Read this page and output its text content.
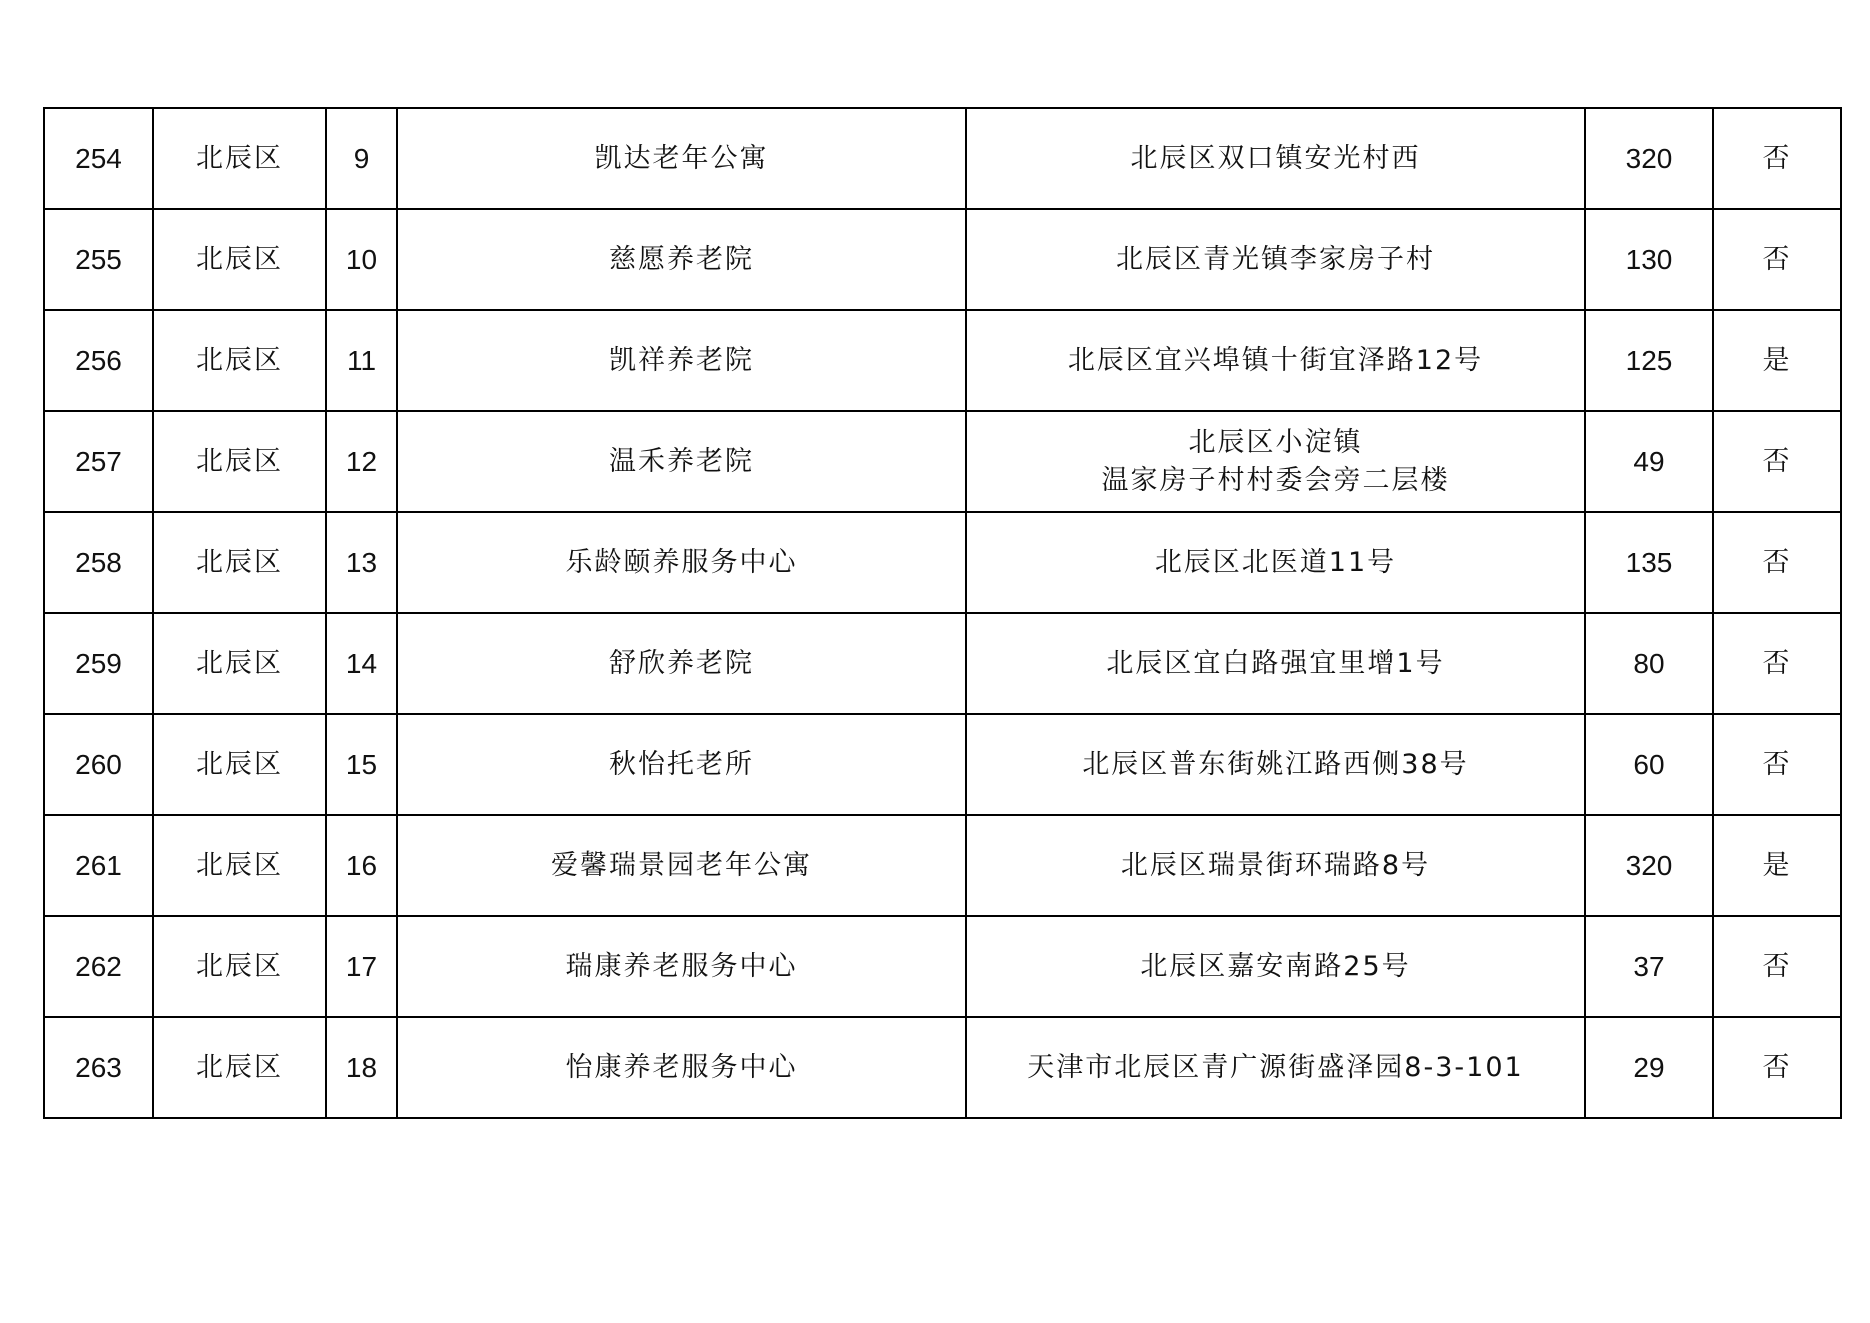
254	北辰区	9	凯达老年公寓	北辰区双口镇安光村西	320	否
255	北辰区	10	慈愿养老院	北辰区青光镇李家房子村	130	否
256	北辰区	11	凯祥养老院	北辰区宜兴埠镇十街宜泽路12号	125	是
257	北辰区	12	温禾养老院	北辰区小淀镇
温家房子村村委会旁二层楼	49	否
258	北辰区	13	乐龄颐养服务中心	北辰区北医道11号	135	否
259	北辰区	14	舒欣养老院	北辰区宜白路强宜里增1号	80	否
260	北辰区	15	秋怡托老所	北辰区普东街姚江路西侧38号	60	否
261	北辰区	16	爱馨瑞景园老年公寓	北辰区瑞景街环瑞路8号	320	是
262	北辰区	17	瑞康养老服务中心	北辰区嘉安南路25号	37	否
263	北辰区	18	怡康养老服务中心	天津市北辰区青广源街盛泽园8-3-101	29	否
